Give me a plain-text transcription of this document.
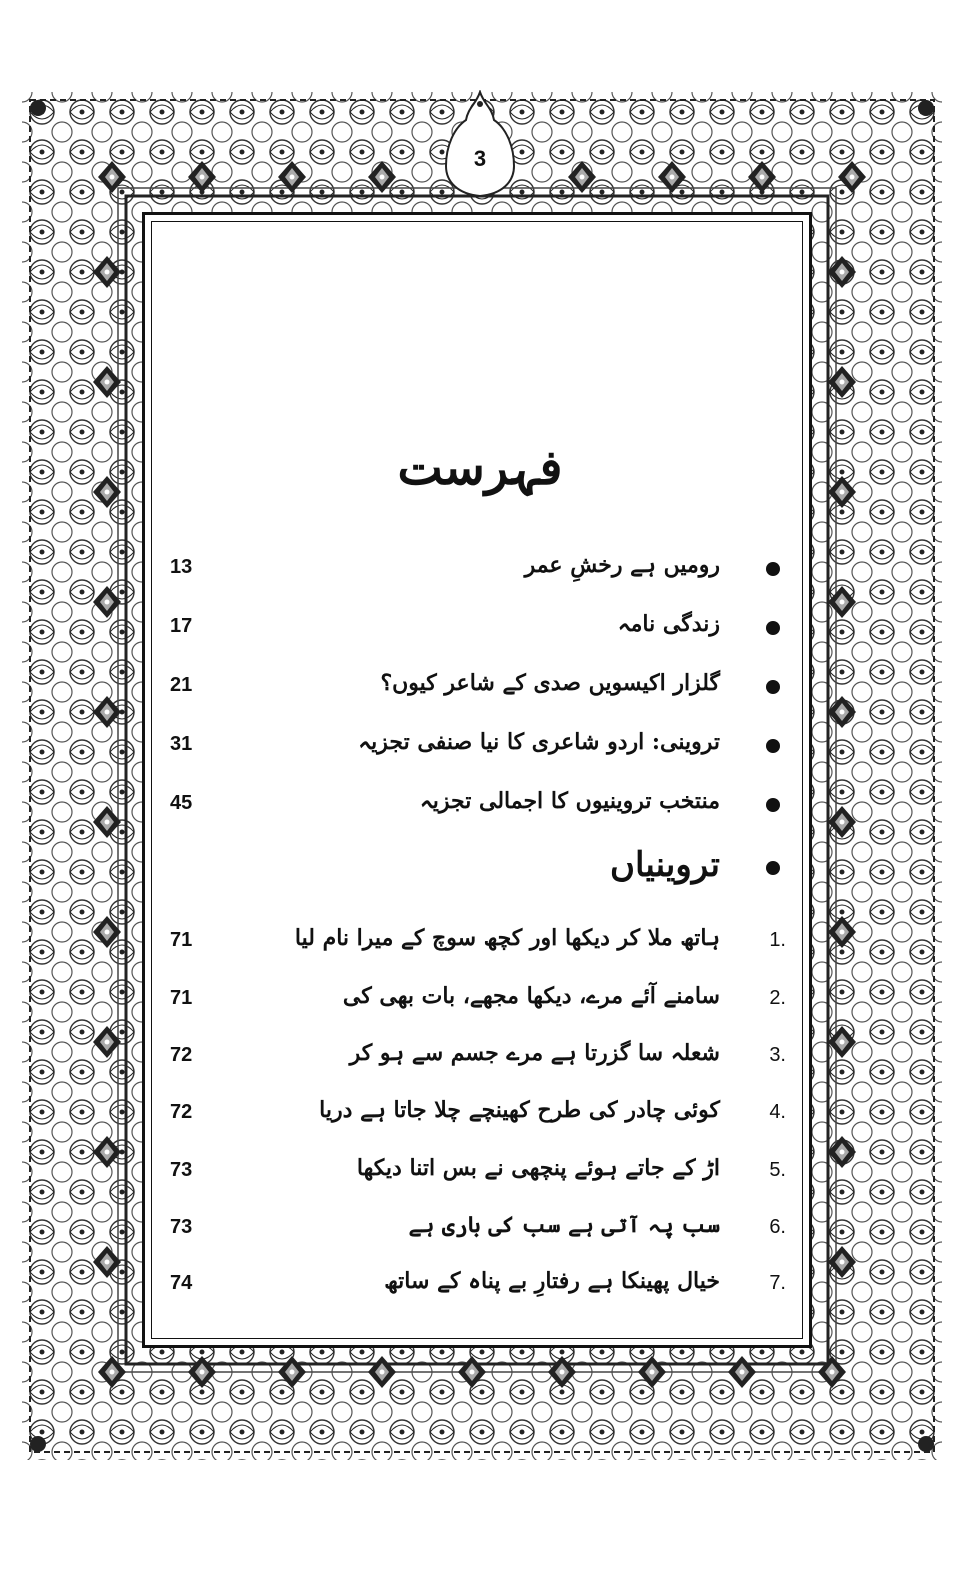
3
فہرست
13	رومیں ہے رخشِ عمر
17	زندگی نامہ
21	گلزار اکیسویں صدی کے شاعر کیوں؟
31	تروینی: اردو شاعری کا نیا صنفی تجزیہ
45	منتخب تروینیوں کا اجمالی تجزیہ
تروینیاں
71	ہاتھ ملا کر دیکھا اور کچھ سوچ کے میرا نام لیا 1.
71	سامنے آئے مرے، دیکھا مجھے، بات بھی کی 2.
72	شعلہ سا گزرتا ہے مرے جسم سے ہو کر 3.
72	کوئی چادر کی طرح کھینچے چلا جاتا ہے دریا 4.
73	اڑ کے جاتے ہوئے پنچھی نے بس اتنا دیکھا 5.
73	سب پہ آتی ہے سب کی باری ہے 6.
74	خیال پھینکا ہے رفتارِ بے پناہ کے ساتھ 7.
